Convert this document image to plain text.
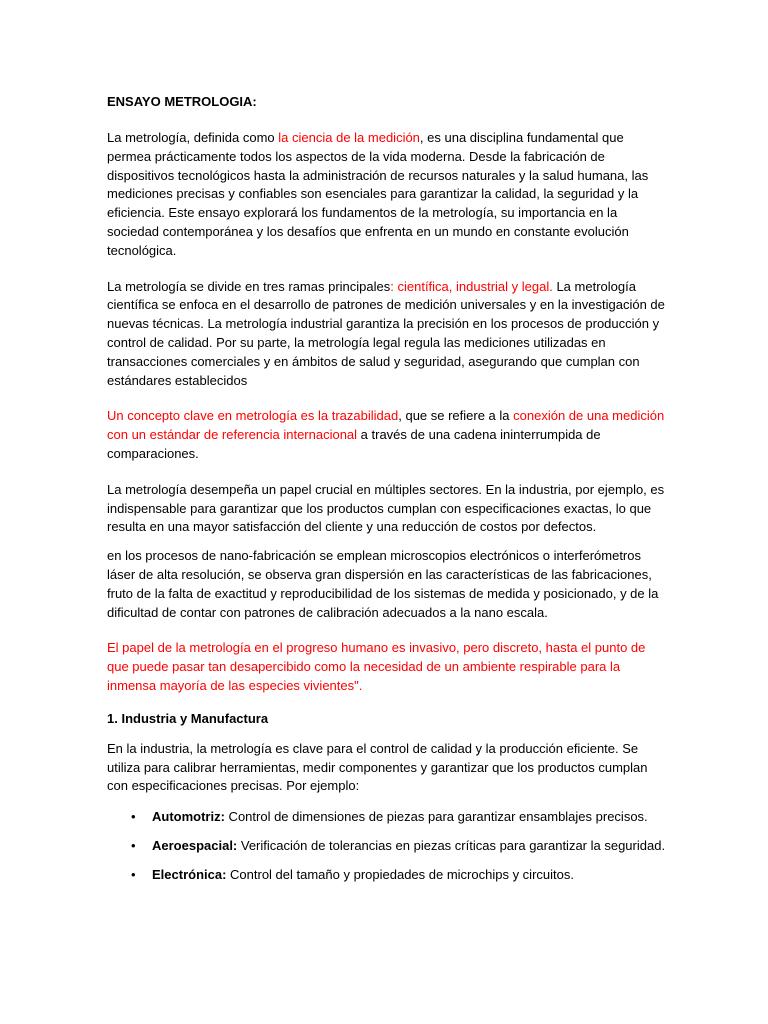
ENSAYO METROLOGIA:

La metrología, definida como la ciencia de la medición, es una disciplina fundamental que permea prácticamente todos los aspectos de la vida moderna. Desde la fabricación de dispositivos tecnológicos hasta la administración de recursos naturales y la salud humana, las mediciones precisas y confiables son esenciales para garantizar la calidad, la seguridad y la eficiencia. Este ensayo explorará los fundamentos de la metrología, su importancia en la sociedad contemporánea y los desafíos que enfrenta en un mundo en constante evolución tecnológica.

La metrología se divide en tres ramas principales: científica, industrial y legal. La metrología científica se enfoca en el desarrollo de patrones de medición universales y en la investigación de nuevas técnicas. La metrología industrial garantiza la precisión en los procesos de producción y control de calidad. Por su parte, la metrología legal regula las mediciones utilizadas en transacciones comerciales y en ámbitos de salud y seguridad, asegurando que cumplan con estándares establecidos

Un concepto clave en metrología es la trazabilidad, que se refiere a la conexión de una medición con un estándar de referencia internacional a través de una cadena ininterrumpida de comparaciones.

La metrología desempeña un papel crucial en múltiples sectores. En la industria, por ejemplo, es indispensable para garantizar que los productos cumplan con especificaciones exactas, lo que resulta en una mayor satisfacción del cliente y una reducción de costos por defectos.

en los procesos de nano-fabricación se emplean microscopios electrónicos o interferómetros láser de alta resolución, se observa gran dispersión en las características de las fabricaciones, fruto de la falta de exactitud y reproducibilidad de los sistemas de medida y posicionado, y de la dificultad de contar con patrones de calibración adecuados a la nano escala.

El papel de la metrología en el progreso humano es invasivo, pero discreto, hasta el punto de que puede pasar tan desapercibido como la necesidad de un ambiente respirable para la inmensa mayoría de las especies vivientes".

1. Industria y Manufactura

En la industria, la metrología es clave para el control de calidad y la producción eficiente. Se utiliza para calibrar herramientas, medir componentes y garantizar que los productos cumplan con especificaciones precisas. Por ejemplo:

• Automotriz: Control de dimensiones de piezas para garantizar ensamblajes precisos.
• Aeroespacial: Verificación de tolerancias en piezas críticas para garantizar la seguridad.
• Electrónica: Control del tamaño y propiedades de microchips y circuitos.
